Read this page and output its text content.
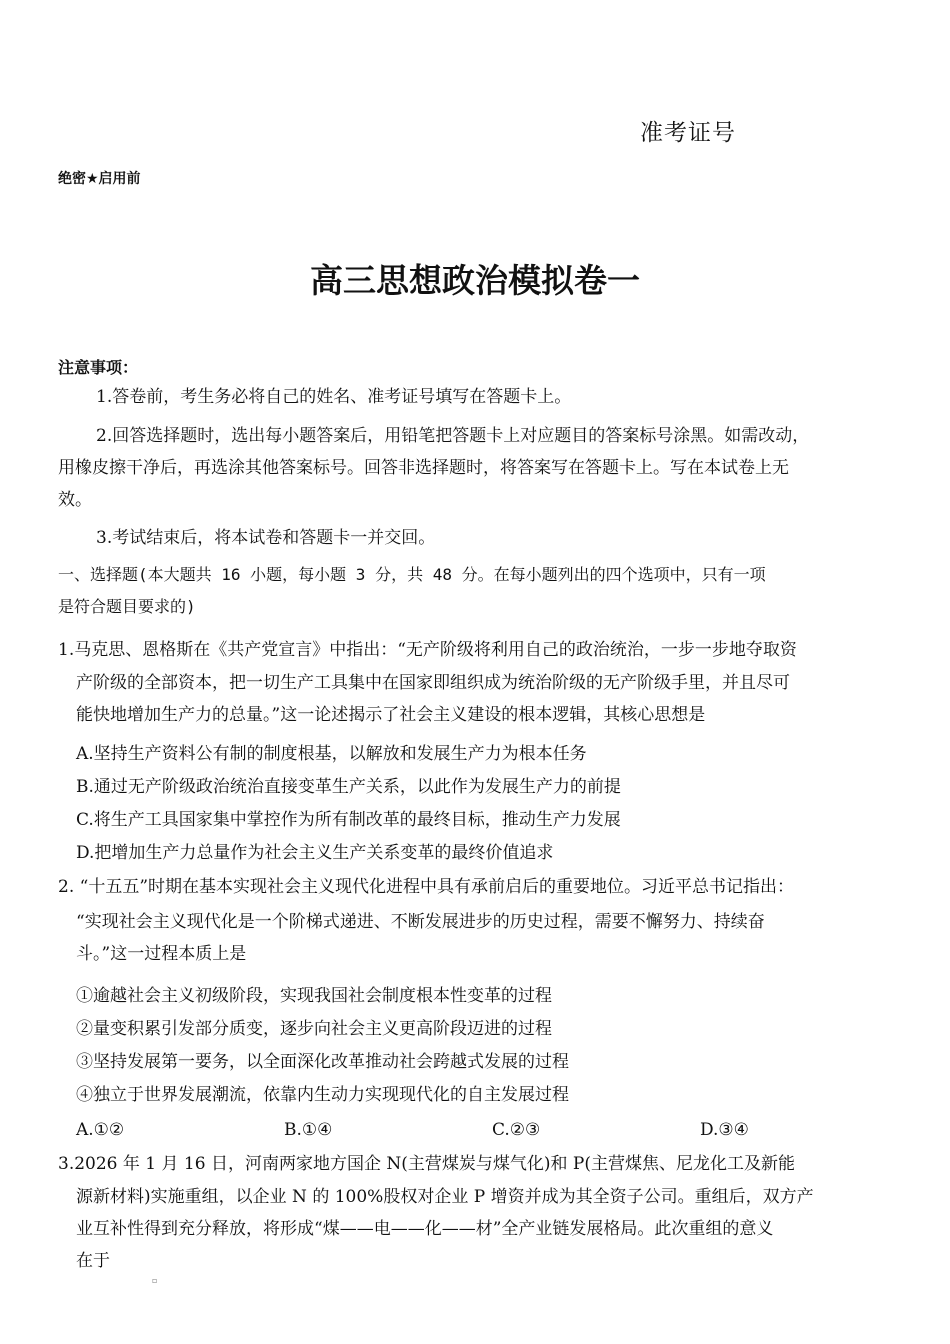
准考证号
绝密★启用前
高三思想政治模拟卷一
注意事项：
1.答卷前，考生务必将自己的姓名、准考证号填写在答题卡上。
2.回答选择题时，选出每小题答案后，用铅笔把答题卡上对应题目的答案标号涂黑。如需改动，
用橡皮擦干净后，再选涂其他答案标号。回答非选择题时，将答案写在答题卡上。写在本试卷上无
效。
3.考试结束后，将本试卷和答题卡一并交回。
一、选择题(本大题共 16 小题，每小题 3 分，共 48 分。在每小题列出的四个选项中，只有一项
是符合题目要求的)
1.马克思、恩格斯在《共产党宣言》中指出：“无产阶级将利用自己的政治统治，一步一步地夺取资
产阶级的全部资本，把一切生产工具集中在国家即组织成为统治阶级的无产阶级手里，并且尽可
能快地增加生产力的总量。”这一论述揭示了社会主义建设的根本逻辑，其核心思想是
A.坚持生产资料公有制的制度根基，以解放和发展生产力为根本任务
B.通过无产阶级政治统治直接变革生产关系，以此作为发展生产力的前提
C.将生产工具国家集中掌控作为所有制改革的最终目标，推动生产力发展
D.把增加生产力总量作为社会主义生产关系变革的最终价值追求
2. “十五五”时期在基本实现社会主义现代化进程中具有承前启后的重要地位。习近平总书记指出：
“实现社会主义现代化是一个阶梯式递进、不断发展进步的历史过程，需要不懈努力、持续奋
斗。”这一过程本质上是
①逾越社会主义初级阶段，实现我国社会制度根本性变革的过程
②量变积累引发部分质变，逐步向社会主义更高阶段迈进的过程
③坚持发展第一要务，以全面深化改革推动社会跨越式发展的过程
④独立于世界发展潮流，依靠内生动力实现现代化的自主发展过程
A.①②	B.①④	C.②③	D.③④
3.2026 年 1 月 16 日，河南两家地方国企 N(主营煤炭与煤气化)和 P(主营煤焦、尼龙化工及新能
源新材料)实施重组，以企业 N 的 100%股权对企业 P 增资并成为其全资子公司。重组后，双方产
业互补性得到充分释放，将形成“煤——电——化——材”全产业链发展格局。此次重组的意义
在于
▫
